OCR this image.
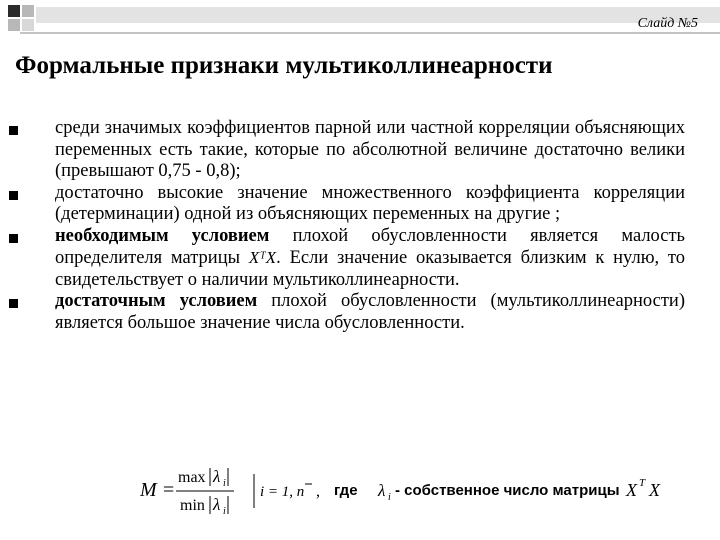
Слайд №5
Формальные признаки мультиколлинеарности
среди значимых коэффициентов парной или частной корреляции объясняющих переменных есть такие, которые по абсолютной величине достаточно велики (превышают 0,75 - 0,8);
достаточно высокие значение множественного коэффициента корреляции (детерминации) одной из объясняющих переменных на другие ;
необходимым условием плохой обусловленности является малость определителя матрицы XᵀX. Если значение оказывается близким к нулю, то свидетельствует о наличии мультиколлинеарности.
достаточным условием плохой обусловленности (мультиколлинеарности) является большое значение числа обусловленности.
M =
max λ i
min λ i
i = 1, n , где λ i - собственное число матрицы X T X
